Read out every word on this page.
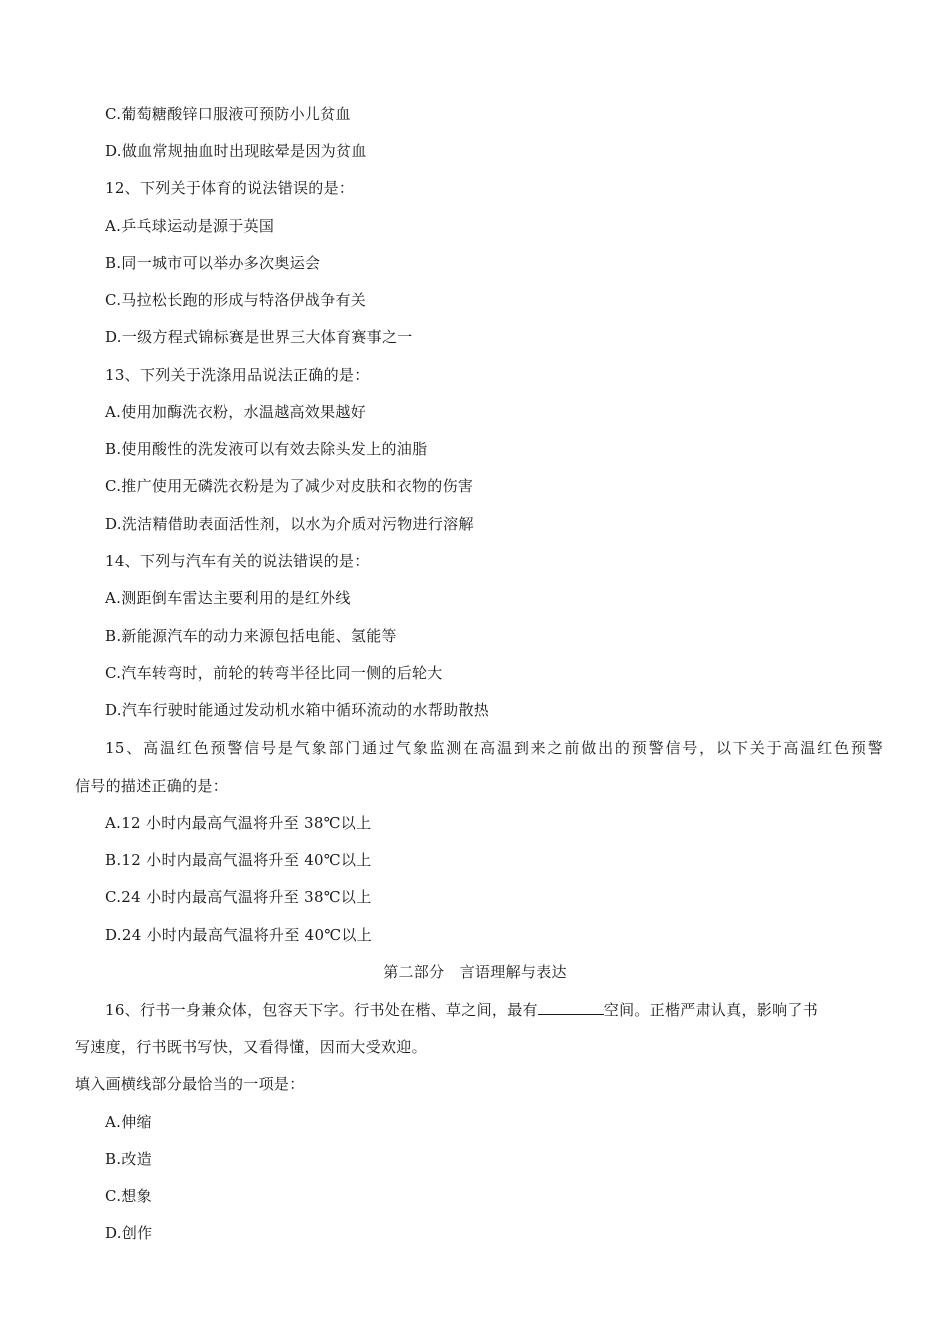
C.葡萄糖酸锌口服液可预防小儿贫血
D.做血常规抽血时出现眩晕是因为贫血
12、下列关于体育的说法错误的是：
A.乒乓球运动是源于英国
B.同一城市可以举办多次奥运会
C.马拉松长跑的形成与特洛伊战争有关
D.一级方程式锦标赛是世界三大体育赛事之一
13、下列关于洗涤用品说法正确的是：
A.使用加酶洗衣粉，水温越高效果越好
B.使用酸性的洗发液可以有效去除头发上的油脂
C.推广使用无磷洗衣粉是为了减少对皮肤和衣物的伤害
D.洗洁精借助表面活性剂，以水为介质对污物进行溶解
14、下列与汽车有关的说法错误的是：
A.测距倒车雷达主要利用的是红外线
B.新能源汽车的动力来源包括电能、氢能等
C.汽车转弯时，前轮的转弯半径比同一侧的后轮大
D.汽车行驶时能通过发动机水箱中循环流动的水帮助散热
15、高温红色预警信号是气象部门通过气象监测在高温到来之前做出的预警信号，以下关于高温红色预警
信号的描述正确的是：
A.12 小时内最高气温将升至 38℃以上
B.12 小时内最高气温将升至 40℃以上
C.24 小时内最高气温将升至 38℃以上
D.24 小时内最高气温将升至 40℃以上
第二部分　言语理解与表达
16、行书一身兼众体，包容天下字。行书处在楷、草之间，最有	空间。正楷严肃认真，影响了书
写速度，行书既书写快，又看得懂，因而大受欢迎。
填入画横线部分最恰当的一项是：
A.伸缩
B.改造
C.想象
D.创作
